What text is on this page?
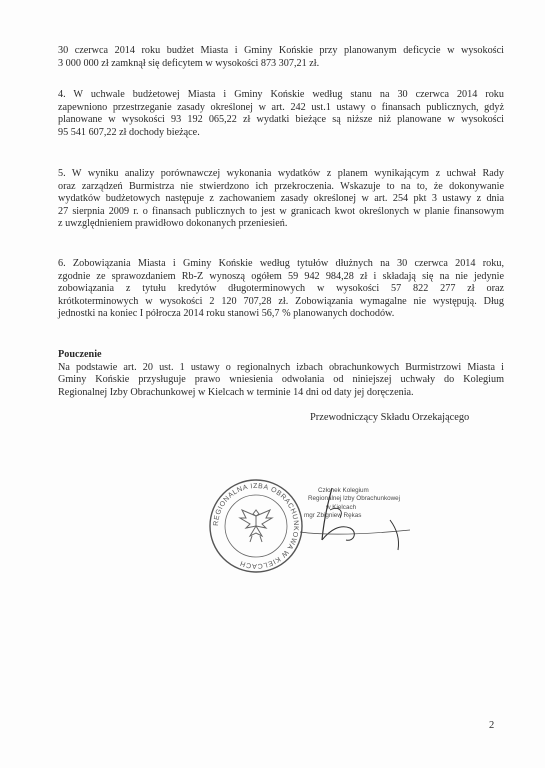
30 czerwca 2014 roku budżet Miasta i Gminy Końskie przy planowanym deficycie w wysokości
3 000 000 zł zamknął się deficytem w wysokości 873 307,21 zł.
4. W uchwale budżetowej Miasta i Gminy Końskie według stanu na 30 czerwca 2014 roku
zapewniono przestrzeganie zasady określonej w art. 242 ust.1 ustawy o finansach publicznych, gdyż
planowane w wysokości 93 192 065,22 zł wydatki bieżące są niższe niż planowane w wysokości
95 541 607,22 zł dochody bieżące.
5. W wyniku analizy porównawczej wykonania wydatków z planem wynikającym z uchwał Rady
oraz zarządzeń Burmistrza nie stwierdzono ich przekroczenia. Wskazuje to na to, że dokonywanie
wydatków budżetowych następuje z zachowaniem zasady określonej w art. 254 pkt 3 ustawy z dnia
27 sierpnia 2009 r. o finansach publicznych to jest w granicach kwot określonych w planie finansowym
z uwzględnieniem prawidłowo dokonanych przeniesień.
6. Zobowiązania Miasta i Gminy Końskie według tytułów dłużnych na 30 czerwca 2014 roku,
zgodnie ze sprawozdaniem Rb-Z wynoszą ogółem 59 942 984,28 zł i składają się na nie jedynie
zobowiązania z tytułu kredytów długoterminowych w wysokości 57 822 277 zł oraz
krótkoterminowych w wysokości 2 120 707,28 zł. Zobowiązania wymagalne nie występują. Dług
jednostki na koniec I półrocza 2014 roku stanowi 56,7 % planowanych dochodów.
Pouczenie
Na podstawie art. 20 ust. 1 ustawy o regionalnych izbach obrachunkowych Burmistrzowi Miasta i
Gminy Końskie przysługuje prawo wniesienia odwołania od niniejszej uchwały do Kolegium
Regionalnej Izby Obrachunkowej w Kielcach w terminie 14 dni od daty jej doręczenia.
Przewodniczący Składu Orzekającego
REGIONALNA IZBA OBRACHUNKOWA W KIELCACH
Członek Kolegium
Regionalnej Izby Obrachunkowej
w Kielcach
mgr Zbigniew Rękas
2
